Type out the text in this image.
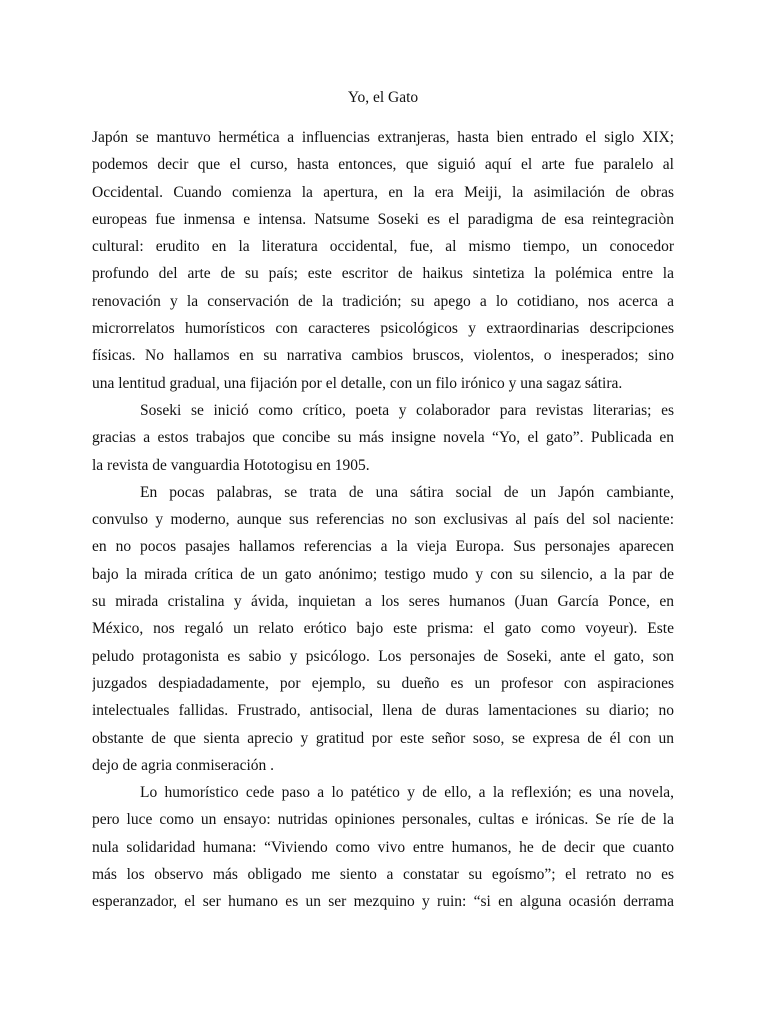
Yo, el Gato
Japón se mantuvo hermética a influencias extranjeras, hasta bien entrado el siglo XIX;
podemos decir que el curso, hasta entonces, que siguió aquí el arte fue paralelo al
Occidental. Cuando comienza la apertura, en la era Meiji, la asimilación de obras
europeas fue inmensa e intensa. Natsume Soseki es el paradigma de esa reintegraciòn
cultural: erudito en la literatura occidental, fue, al mismo tiempo, un conocedor
profundo del arte de su país; este escritor de haikus sintetiza la polémica entre la
renovación y la conservación de la tradición; su apego a lo cotidiano, nos acerca a
microrrelatos humorísticos con caracteres psicológicos y extraordinarias descripciones
físicas. No hallamos en su narrativa cambios bruscos, violentos, o inesperados; sino
una lentitud gradual, una fijación por el detalle, con un filo irónico y una sagaz sátira.
Soseki se inició como crítico, poeta y colaborador para revistas literarias; es
gracias a estos trabajos que concibe su más insigne novela “Yo, el gato”. Publicada en
la revista de vanguardia Hototogisu en 1905.
En pocas palabras, se trata de una sátira social de un Japón cambiante,
convulso y moderno, aunque sus referencias no son exclusivas al país del sol naciente:
en no pocos pasajes hallamos referencias a la vieja Europa. Sus personajes aparecen
bajo la mirada crítica de un gato anónimo; testigo mudo y con su silencio, a la par de
su mirada cristalina y ávida, inquietan a los seres humanos (Juan García Ponce, en
México, nos regaló un relato erótico bajo este prisma: el gato como voyeur). Este
peludo protagonista es sabio y psicólogo. Los personajes de Soseki, ante el gato, son
juzgados despiadadamente, por ejemplo, su dueño es un profesor con aspiraciones
intelectuales fallidas. Frustrado, antisocial, llena de duras lamentaciones su diario; no
obstante de que sienta aprecio y gratitud por este señor soso, se expresa de él con un
dejo de agria conmiseración .
Lo humorístico cede paso a lo patético y de ello, a la reflexión; es una novela,
pero luce como un ensayo: nutridas opiniones personales, cultas e irónicas. Se ríe de la
nula solidaridad humana: “Viviendo como vivo entre humanos, he de decir que cuanto
más los observo más obligado me siento a constatar su egoísmo”; el retrato no es
esperanzador, el ser humano es un ser mezquino y ruin: “si en alguna ocasión derrama
